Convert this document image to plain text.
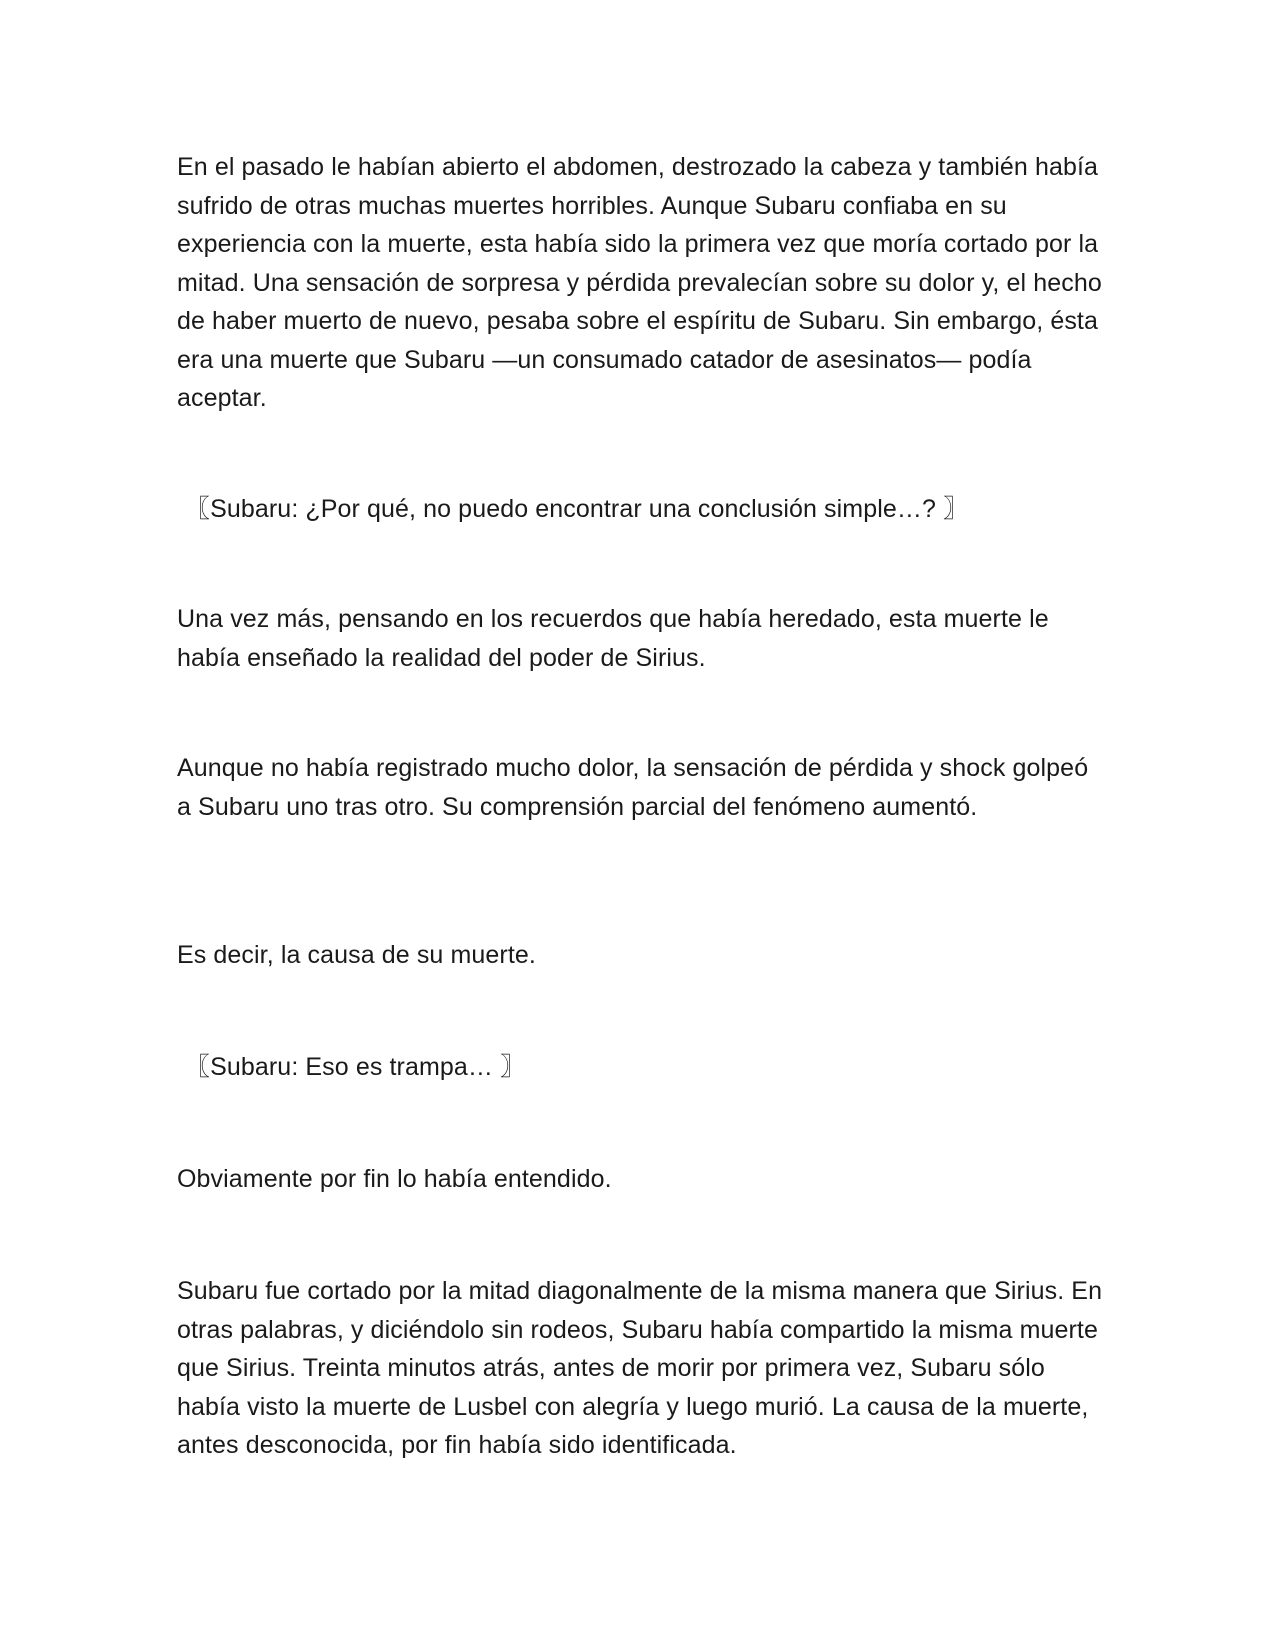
En el pasado le habían abierto el abdomen, destrozado la cabeza y también había sufrido de otras muchas muertes horribles. Aunque Subaru confiaba en su experiencia con la muerte, esta había sido la primera vez que moría cortado por la mitad. Una sensación de sorpresa y pérdida prevalecían sobre su dolor y, el hecho de haber muerto de nuevo, pesaba sobre el espíritu de Subaru. Sin embargo, ésta era una muerte que Subaru —un consumado catador de asesinatos— podía aceptar.

〖Subaru: ¿Por qué, no puedo encontrar una conclusión simple…? 〗

Una vez más, pensando en los recuerdos que había heredado, esta muerte le había enseñado la realidad del poder de Sirius.

Aunque no había registrado mucho dolor, la sensación de pérdida y shock golpeó a Subaru uno tras otro. Su comprensión parcial del fenómeno aumentó.

Es decir, la causa de su muerte.

〖Subaru: Eso es trampa… 〗

Obviamente por fin lo había entendido.

Subaru fue cortado por la mitad diagonalmente de la misma manera que Sirius. En otras palabras, y diciéndolo sin rodeos, Subaru había compartido la misma muerte que Sirius. Treinta minutos atrás, antes de morir por primera vez, Subaru sólo había visto la muerte de Lusbel con alegría y luego murió. La causa de la muerte, antes desconocida, por fin había sido identificada.
